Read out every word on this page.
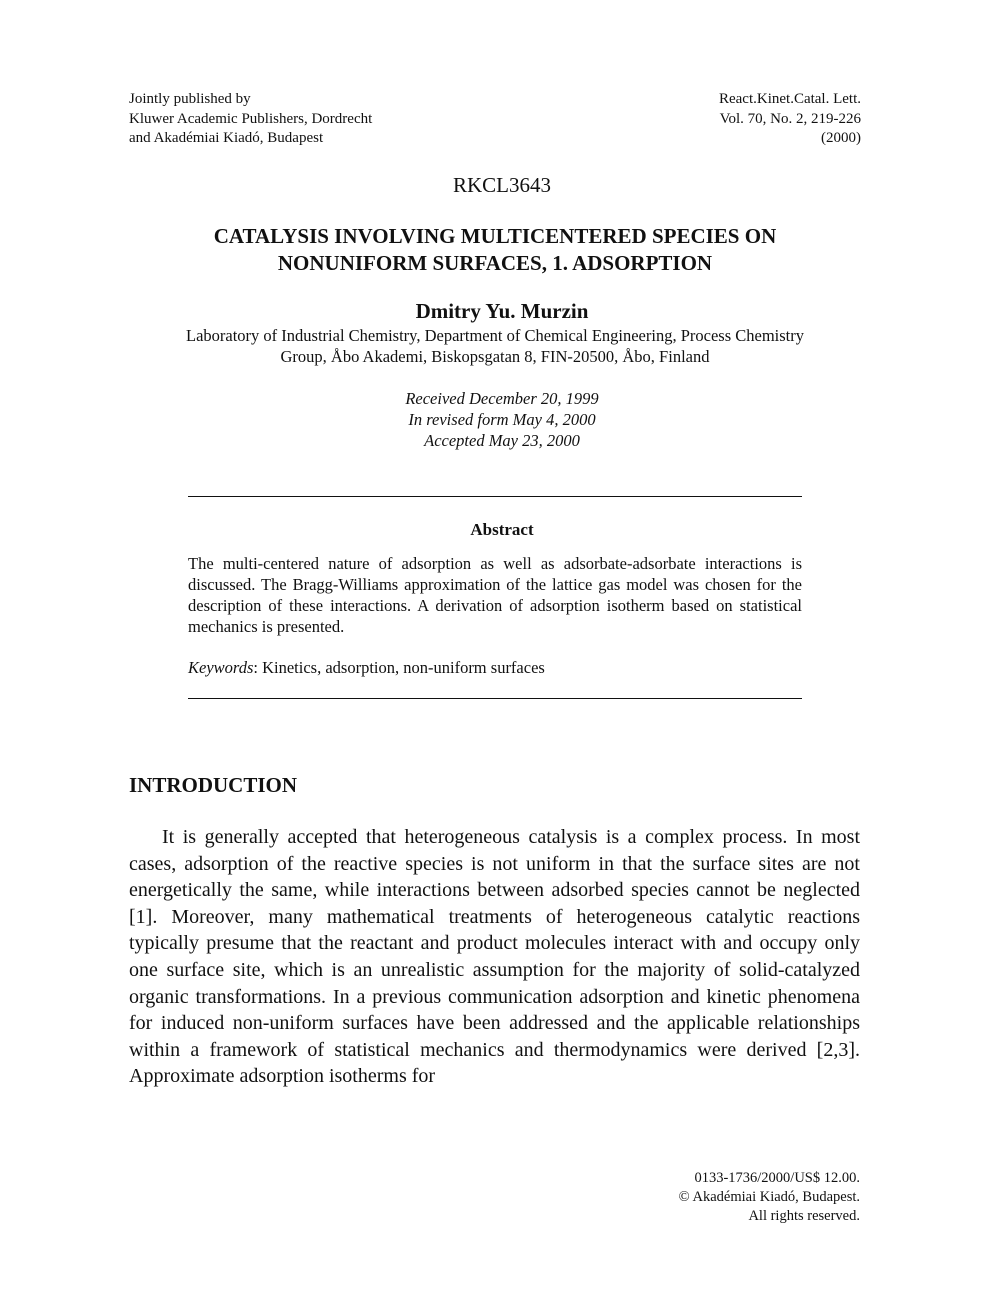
Jointly published by
Kluwer Academic Publishers, Dordrecht
and Akadémiai Kiadó, Budapest
React.Kinet.Catal. Lett.
Vol. 70, No. 2, 219-226
(2000)
RKCL3643
CATALYSIS INVOLVING MULTICENTERED SPECIES ON
NONUNIFORM SURFACES, 1. ADSORPTION
Dmitry Yu. Murzin
Laboratory of Industrial Chemistry, Department of Chemical Engineering, Process Chemistry
Group, Åbo Akademi, Biskopsgatan 8, FIN-20500, Åbo, Finland
Received December 20, 1999
In revised form May 4, 2000
Accepted May 23, 2000
Abstract
The multi-centered nature of adsorption as well as adsorbate-adsorbate interactions is discussed. The Bragg-Williams approximation of the lattice gas model was chosen for the description of these interactions. A derivation of adsorption isotherm based on statistical mechanics is presented.
Keywords: Kinetics, adsorption, non-uniform surfaces
INTRODUCTION

It is generally accepted that heterogeneous catalysis is a complex process. In most cases, adsorption of the reactive species is not uniform in that the surface sites are not energetically the same, while interactions between adsorbed species cannot be neglected [1]. Moreover, many mathematical treatments of heterogeneous catalytic reactions typically presume that the reactant and product molecules interact with and occupy only one surface site, which is an unrealistic assumption for the majority of solid-catalyzed organic transformations. In a previous communication adsorption and kinetic phenomena for induced non-uniform surfaces have been addressed and the applicable relationships within a framework of statistical mechanics and thermodynamics were derived [2,3]. Approximate adsorption isotherms for

0133-1736/2000/US$ 12.00.
© Akadémiai Kiadó, Budapest.
All rights reserved.
